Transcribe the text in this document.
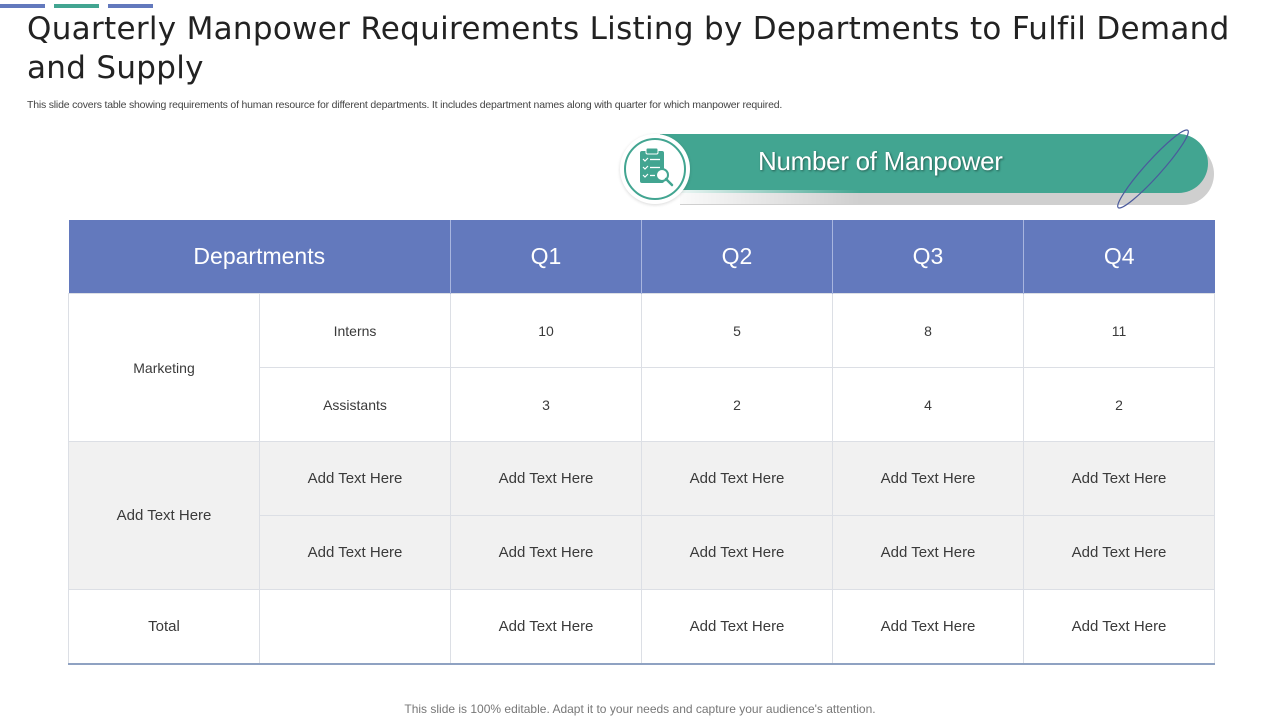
Quarterly Manpower Requirements Listing by Departments to Fulfil Demand and Supply
This slide covers table showing requirements of human resource for different departments. It includes department names along with quarter for which manpower required.
Number of Manpower
Departments		Q1	Q2	Q3	Q4
Marketing	Interns	10	5	8	11
	Assistants	3	2	4	2
Add Text Here	Add Text Here	Add Text Here	Add Text Here	Add Text Here	Add Text Here
	Add Text Here	Add Text Here	Add Text Here	Add Text Here	Add Text Here
Total		Add Text Here	Add Text Here	Add Text Here	Add Text Here
This slide is 100% editable. Adapt it to your needs and capture your audience's attention.
